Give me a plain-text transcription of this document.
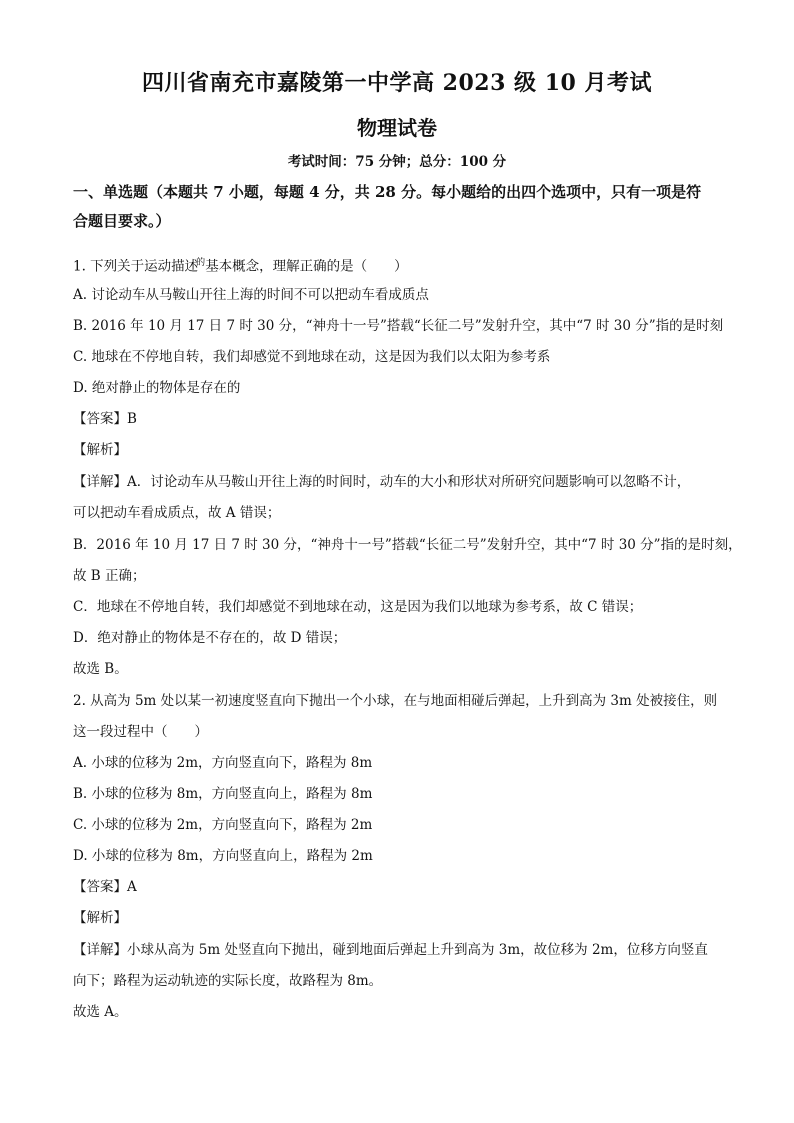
四川省南充市嘉陵第一中学高 2023 级 10 月考试
物理试卷
考试时间：75 分钟；总分：100 分
一、单选题（本题共 7 小题，每题 4 分，共 28 分。每小题给的出四个选项中，只有一项是符
合题目要求。）
1. 下列关于运动描述$^的$基本概念，理解正确的是（　　）
A. 讨论动车从马鞍山开往上海的时间不可以把动车看成质点
B. 2016 年 10 月 17 日 7 时 30 分，“神舟十一号”搭载“长征二号”发射升空，其中“7 时 30 分”指的是时刻
C. 地球在不停地自转，我们却感觉不到地球在动，这是因为我们以太阳为参考系
D. 绝对静止的物体是存在的
【答案】B
【解析】
【详解】A．讨论动车从马鞍山开往上海的时间时，动车的大小和形状对所研究问题影响可以忽略不计，
可以把动车看成质点，故 A 错误；
B．2016 年 10 月 17 日 7 时 30 分，“神舟十一号”搭载“长征二号”发射升空，其中“7 时 30 分”指的是时刻，
故 B 正确；
C．地球在不停地自转，我们却感觉不到地球在动，这是因为我们以地球为参考系，故 C 错误；
D．绝对静止的物体是不存在的，故 D 错误；
故选 B。
2. 从高为 5m 处以某一初速度竖直向下抛出一个小球，在与地面相碰后弹起，上升到高为 3m 处被接住，则
这一段过程中（　　）
A. 小球的位移为 2m，方向竖直向下，路程为 8m
B. 小球的位移为 8m，方向竖直向上，路程为 8m
C. 小球的位移为 2m，方向竖直向下，路程为 2m
D. 小球的位移为 8m，方向竖直向上，路程为 2m
【答案】A
【解析】
【详解】小球从高为 5m 处竖直向下抛出，碰到地面后弹起上升到高为 3m，故位移为 2m，位移方向竖直
向下；路程为运动轨迹的实际长度，故路程为 8m。
故选 A。
